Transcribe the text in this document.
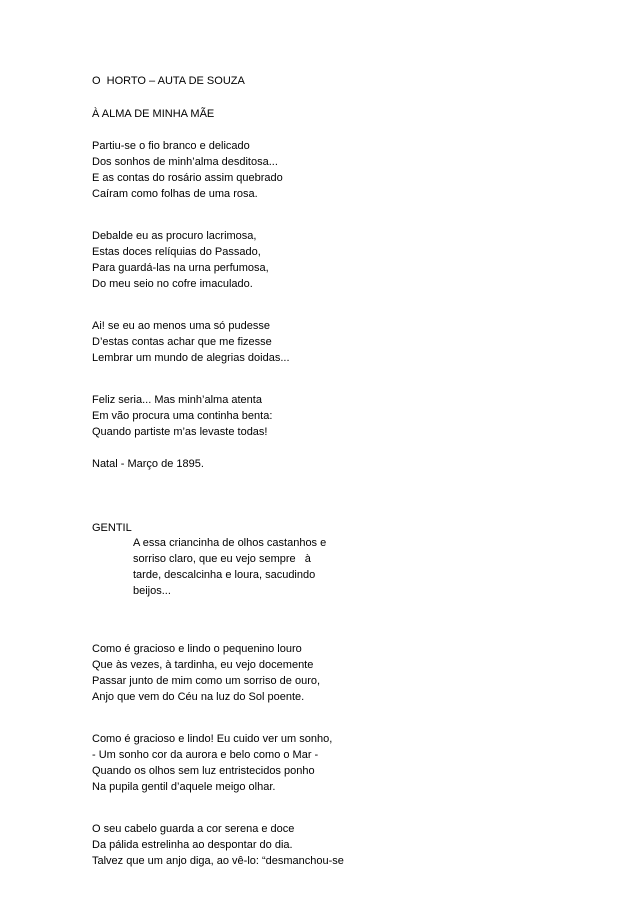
O  HORTO – AUTA DE SOUZA
À ALMA DE MINHA MÃE
Partiu-se o fio branco e delicado
Dos sonhos de minh’alma desditosa...
E as contas do rosário assim quebrado
Caíram como folhas de uma rosa.
Debalde eu as procuro lacrimosa,
Estas doces relíquias do Passado,
Para guardá-las na urna perfumosa,
Do meu seio no cofre imaculado.
Ai! se eu ao menos uma só pudesse
D’estas contas achar que me fizesse
Lembrar um mundo de alegrias doidas...
Feliz seria... Mas minh’alma atenta
Em vão procura uma continha benta:
Quando partiste m’as levaste todas!
Natal - Março de 1895.
GENTIL
A essa criancinha de olhos castanhos e
sorriso claro, que eu vejo sempre   à
tarde, descalcinha e loura, sacudindo
beijos...
Como é gracioso e lindo o pequenino louro
Que às vezes, à tardinha, eu vejo docemente
Passar junto de mim como um sorriso de ouro,
Anjo que vem do Céu na luz do Sol poente.
Como é gracioso e lindo! Eu cuido ver um sonho,
- Um sonho cor da aurora e belo como o Mar -
Quando os olhos sem luz entristecidos ponho
Na pupila gentil d’aquele meigo olhar.
O seu cabelo guarda a cor serena e doce
Da pálida estrelinha ao despontar do dia.
Talvez que um anjo diga, ao vê-lo: “desmanchou-se
